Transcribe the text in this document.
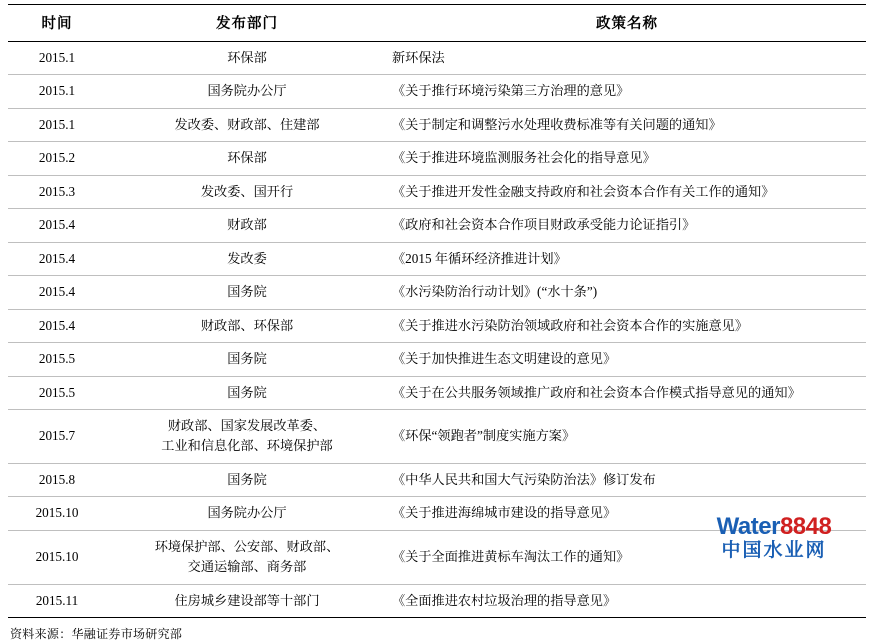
时间	发布部门	政策名称
2015.1	环保部	新环保法
2015.1	国务院办公厅	《关于推行环境污染第三方治理的意见》
2015.1	发改委、财政部、住建部	《关于制定和调整污水处理收费标准等有关问题的通知》
2015.2	环保部	《关于推进环境监测服务社会化的指导意见》
2015.3	发改委、国开行	《关于推进开发性金融支持政府和社会资本合作有关工作的通知》
2015.4	财政部	《政府和社会资本合作项目财政承受能力论证指引》
2015.4	发改委	《2015 年循环经济推进计划》
2015.4	国务院	《水污染防治行动计划》(“水十条”)
2015.4	财政部、环保部	《关于推进水污染防治领域政府和社会资本合作的实施意见》
2015.5	国务院	《关于加快推进生态文明建设的意见》
2015.5	国务院	《关于在公共服务领域推广政府和社会资本合作模式指导意见的通知》
2015.7	财政部、国家发展改革委、
工业和信息化部、环境保护部	《环保“领跑者”制度实施方案》
2015.8	国务院	《中华人民共和国大气污染防治法》修订发布
2015.10	国务院办公厅	《关于推进海绵城市建设的指导意见》
2015.10	环境保护部、公安部、财政部、
交通运输部、商务部	《关于全面推进黄标车淘汰工作的通知》
2015.11	住房城乡建设部等十部门	《全面推进农村垃圾治理的指导意见》
资料来源：华融证券市场研究部
Water8848
中国水业网
